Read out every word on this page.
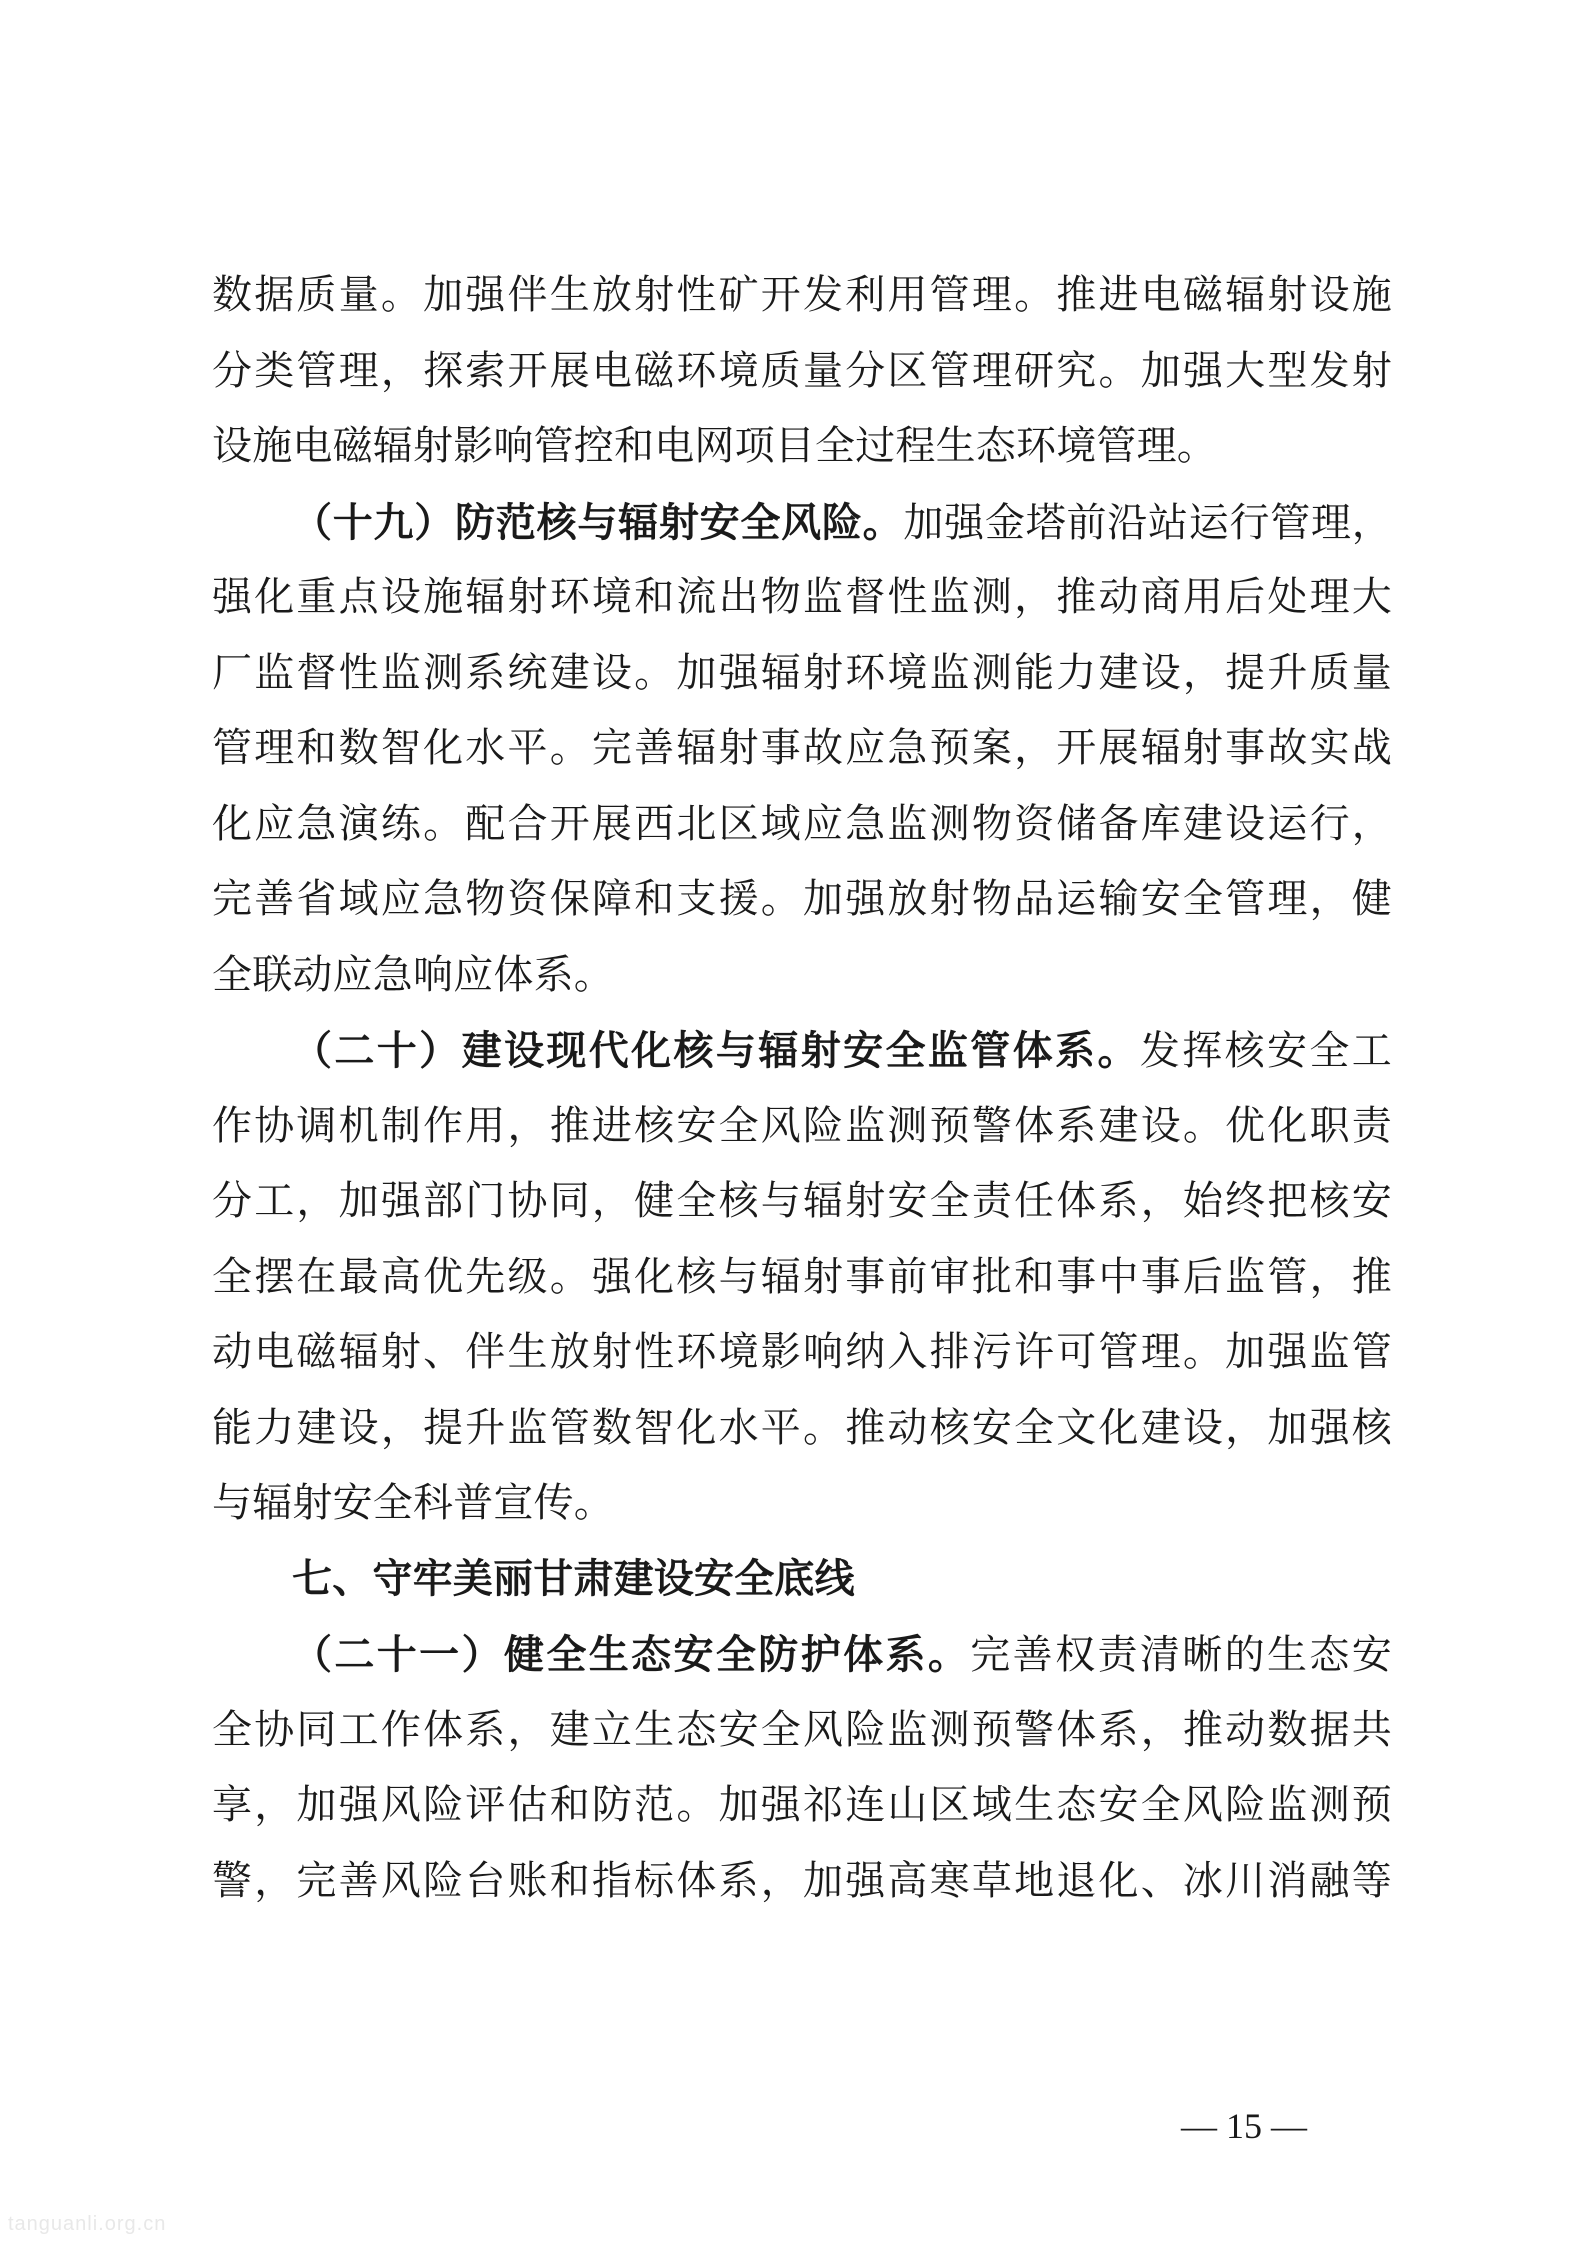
数据质量。加强伴生放射性矿开发利用管理。推进电磁辐射设施
分类管理，探索开展电磁环境质量分区管理研究。加强大型发射
设施电磁辐射影响管控和电网项目全过程生态环境管理。
（十九）防范核与辐射安全风险。加强金塔前沿站运行管理，
强化重点设施辐射环境和流出物监督性监测，推动商用后处理大
厂监督性监测系统建设。加强辐射环境监测能力建设，提升质量
管理和数智化水平。完善辐射事故应急预案，开展辐射事故实战
化应急演练。配合开展西北区域应急监测物资储备库建设运行，
完善省域应急物资保障和支援。加强放射物品运输安全管理，健
全联动应急响应体系。
（二十）建设现代化核与辐射安全监管体系。发挥核安全工
作协调机制作用，推进核安全风险监测预警体系建设。优化职责
分工，加强部门协同，健全核与辐射安全责任体系，始终把核安
全摆在最高优先级。强化核与辐射事前审批和事中事后监管，推
动电磁辐射、伴生放射性环境影响纳入排污许可管理。加强监管
能力建设，提升监管数智化水平。推动核安全文化建设，加强核
与辐射安全科普宣传。
七、守牢美丽甘肃建设安全底线
（二十一）健全生态安全防护体系。完善权责清晰的生态安
全协同工作体系，建立生态安全风险监测预警体系，推动数据共
享，加强风险评估和防范。加强祁连山区域生态安全风险监测预
警，完善风险台账和指标体系，加强高寒草地退化、冰川消融等
— 15 —
tanguanli.org.cn
